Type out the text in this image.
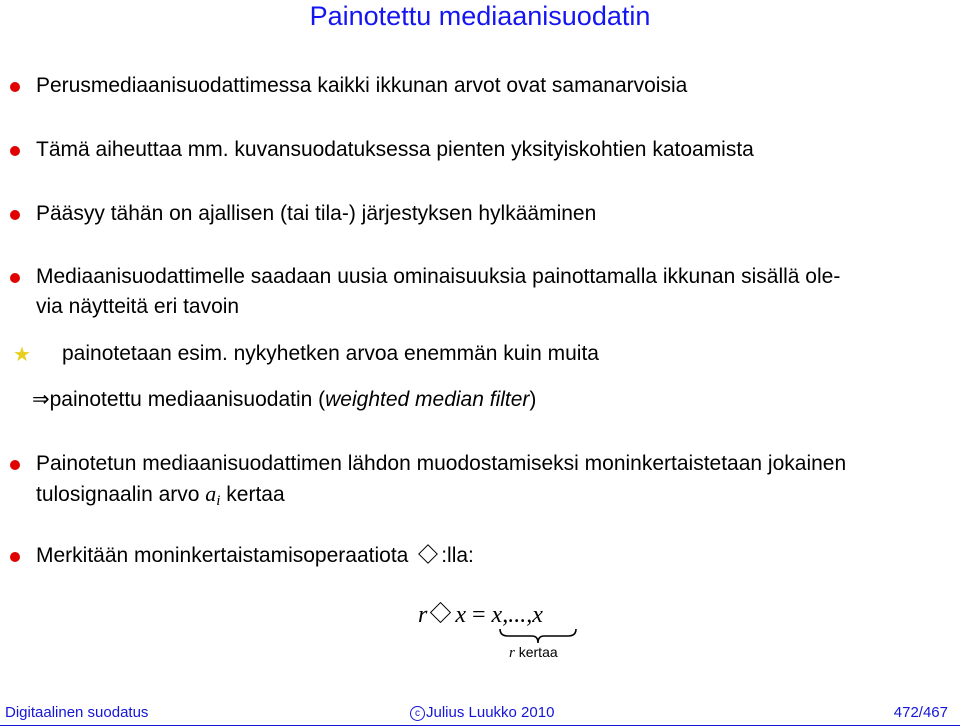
Painotettu mediaanisuodatin
Perusmediaanisuodattimessa kaikki ikkunan arvot ovat samanarvoisia
Tämä aiheuttaa mm. kuvansuodatuksessa pienten yksityiskohtien katoamista
Pääsyy tähän on ajallisen (tai tila-) järjestyksen hylkääminen
Mediaanisuodattimelle saadaan uusia ominaisuuksia painottamalla ikkunan sisällä ole-
via näytteitä eri tavoin
★ painotetaan esim. nykyhetken arvoa enemmän kuin muita
⇒painotettu mediaanisuodatin (weighted median filter)
Painotetun mediaanisuodattimen lähdon muodostamiseksi moninkertaistetaan jokainen
tulosignaalin arvo $a_i$ kertaa
Merkitään moninkertaistamisoperaatiota :lla:
r x = x,...,x
r kertaa
Digitaalinen suodatus	c Julius Luukko 2010	472/467
